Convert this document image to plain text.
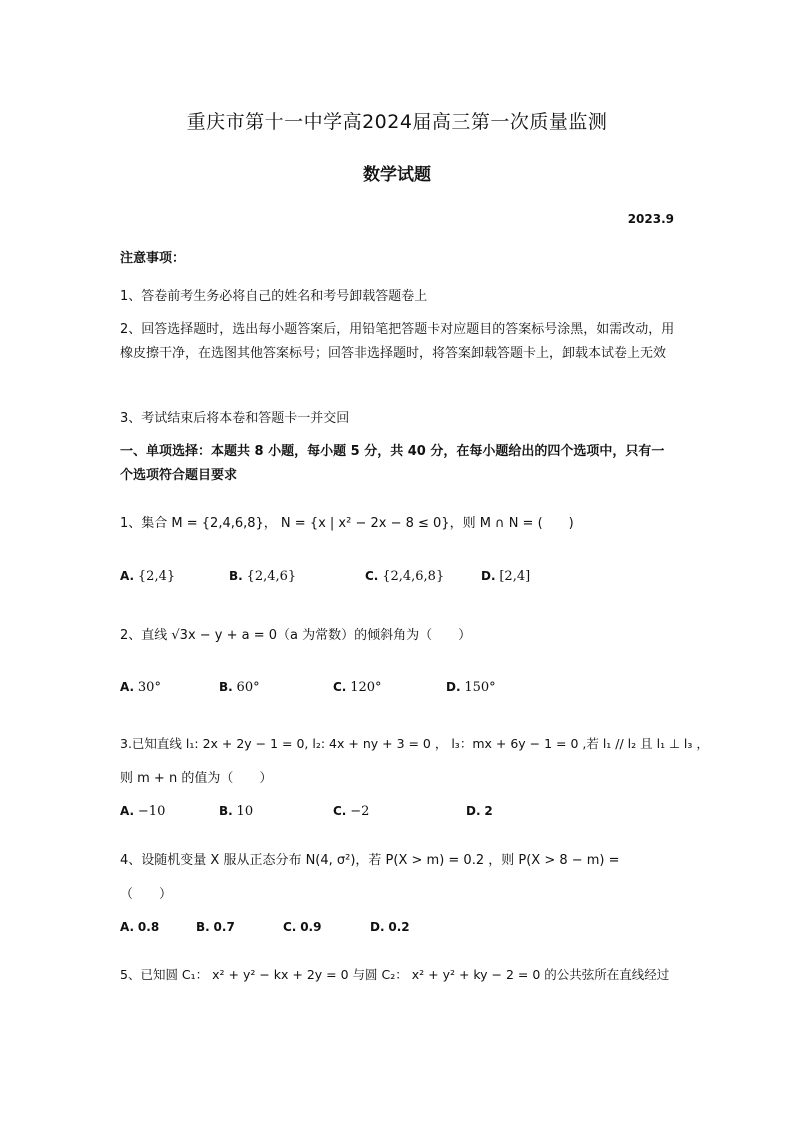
重庆市第十一中学高2024届高三第一次质量监测
数学试题
2023.9
注意事项：
1、答卷前考生务必将自己的姓名和考号卸载答题卷上
2、回答选择题时，选出每小题答案后，用铅笔把答题卡对应题目的答案标号涂黑，如需改动，用橡皮擦干净，在选图其他答案标号；回答非选择题时，将答案卸载答题卡上，卸载本试卷上无效
3、考试结束后将本卷和答题卡一并交回
一、单项选择：本题共 8 小题，每小题 5 分，共 40 分，在每小题给出的四个选项中，只有一个选项符合题目要求
1、集合 M = {2,4,6,8}， N = {x | x² − 2x − 8 ≤ 0}，则 M ∩ N = (　　)
A. {2,4}	B. {2,4,6}	C. {2,4,6,8}	D. [2,4]
2、直线 √3x − y + a = 0（a 为常数）的倾斜角为（　　）
A. 30°	B. 60°	C. 120°	D. 150°
3.已知直线 l₁: 2x + 2y − 1 = 0, l₂: 4x + ny + 3 = 0 ， l₃：mx + 6y − 1 = 0 ,若 l₁ // l₂ 且 l₁ ⊥ l₃ ，
则 m + n 的值为（　　）
A. −10	B. 10	C. −2	D. 2
4、设随机变量 X 服从正态分布 N(4, σ²)，若 P(X > m) = 0.2 ，则 P(X > 8 − m) =
（　　）
A. 0.8	B. 0.7	C. 0.9	D. 0.2
5、已知圆 C₁： x² + y² − kx + 2y = 0 与圆 C₂： x² + y² + ky − 2 = 0 的公共弦所在直线经过
